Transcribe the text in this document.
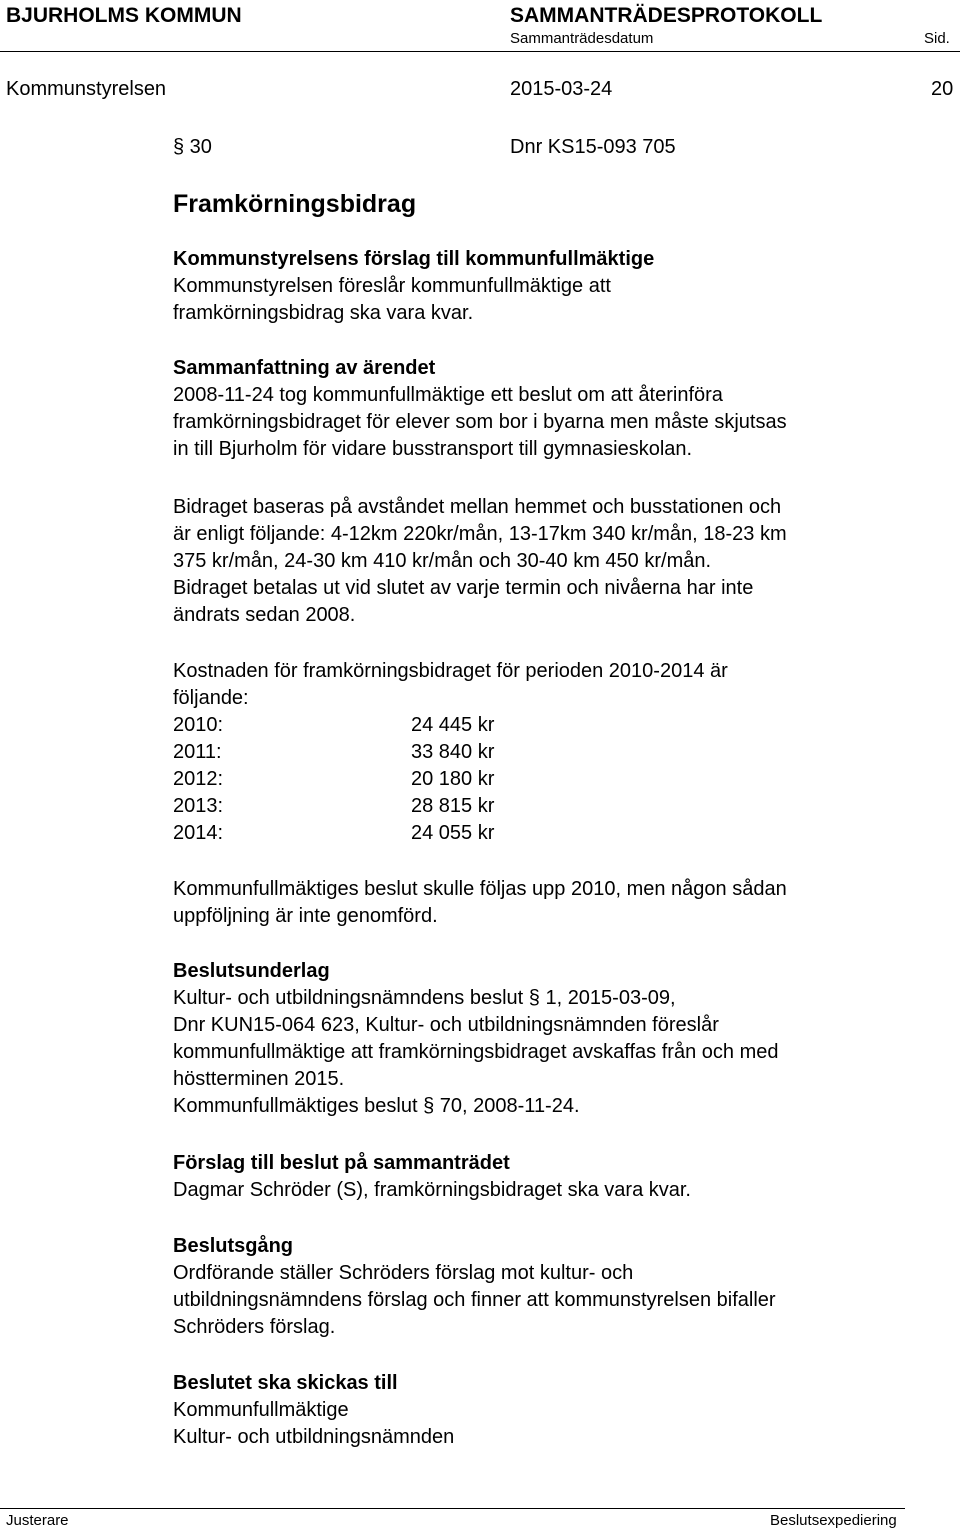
BJURHOLMS KOMMUN	SAMMANTRÄDESPROTOKOLL
Sammanträdesdatum	Sid.
Kommunstyrelsen	2015-03-24	20
§ 30	Dnr KS15-093 705
Framkörningsbidrag
Kommunstyrelsens förslag till kommunfullmäktige
Kommunstyrelsen föreslår kommunfullmäktige att
framkörningsbidrag ska vara kvar.
Sammanfattning av ärendet
2008-11-24 tog kommunfullmäktige ett beslut om att återinföra
framkörningsbidraget för elever som bor i byarna men måste skjutsas
in till Bjurholm för vidare busstransport till gymnasieskolan.
Bidraget baseras på avståndet mellan hemmet och busstationen och
är enligt följande: 4-12km 220kr/mån, 13-17km 340 kr/mån, 18-23 km
375 kr/mån, 24-30 km 410 kr/mån och 30-40 km 450 kr/mån.
Bidraget betalas ut vid slutet av varje termin och nivåerna har inte
ändrats sedan 2008.
Kostnaden för framkörningsbidraget för perioden 2010-2014 är
följande:
2010:	24 445 kr
2011:	33 840 kr
2012:	20 180 kr
2013:	28 815 kr
2014:	24 055 kr
Kommunfullmäktiges beslut skulle följas upp 2010, men någon sådan
uppföljning är inte genomförd.
Beslutsunderlag
Kultur- och utbildningsnämndens beslut § 1, 2015-03-09,
Dnr KUN15-064 623, Kultur- och utbildningsnämnden föreslår
kommunfullmäktige att framkörningsbidraget avskaffas från och med
höstterminen 2015.
Kommunfullmäktiges beslut § 70, 2008-11-24.
Förslag till beslut på sammanträdet
Dagmar Schröder (S), framkörningsbidraget ska vara kvar.
Beslutsgång
Ordförande ställer Schröders förslag mot kultur- och
utbildningsnämndens förslag och finner att kommunstyrelsen bifaller
Schröders förslag.
Beslutet ska skickas till
Kommunfullmäktige
Kultur- och utbildningsnämnden
Justerare	Beslutsexpediering
